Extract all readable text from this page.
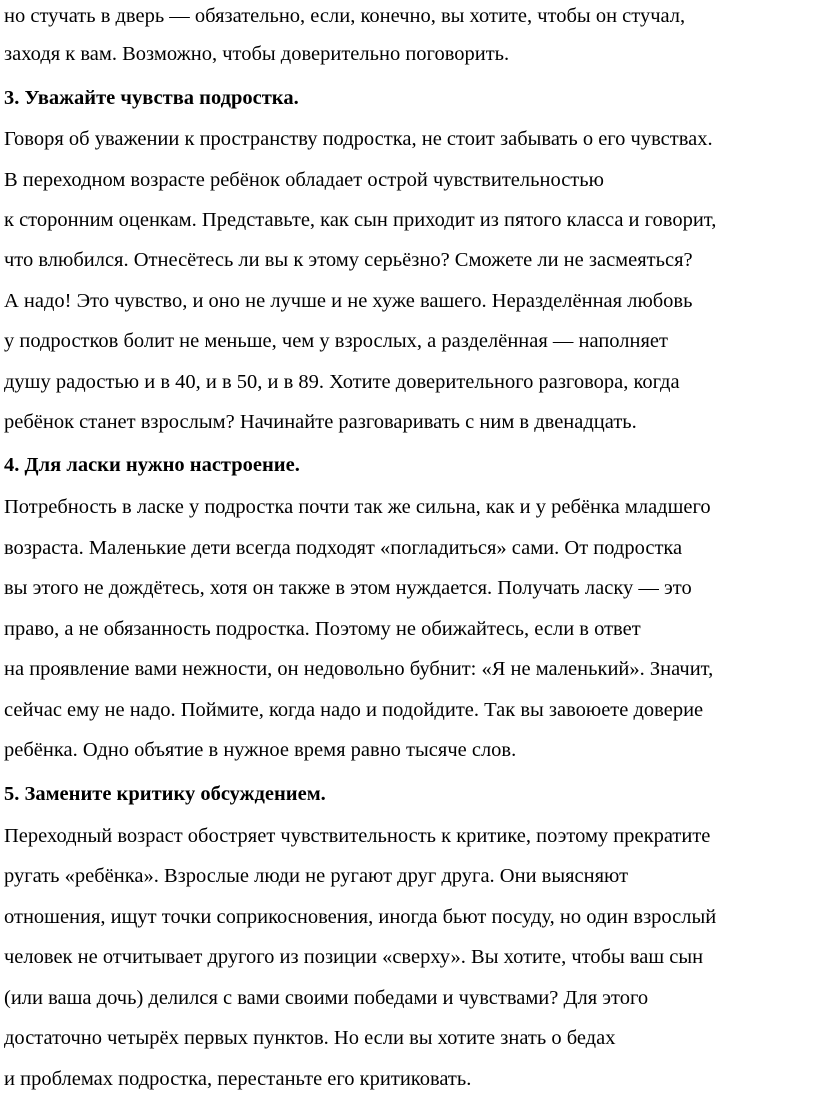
но стучать в дверь — обязательно, если, конечно, вы хотите, чтобы он стучал,
заходя к вам. Возможно, чтобы доверительно поговорить.
3. Уважайте чувства подростка.
Говоря об уважении к пространству подростка, не стоит забывать о его чувствах.
В переходном возрасте ребёнок обладает острой чувствительностью
к сторонним оценкам. Представьте, как сын приходит из пятого класса и говорит,
что влюбился. Отнесётесь ли вы к этому серьёзно? Сможете ли не засмеяться?
А надо! Это чувство, и оно не лучше и не хуже вашего. Неразделённая любовь
у подростков болит не меньше, чем у взрослых, а разделённая — наполняет
душу радостью и в 40, и в 50, и в 89. Хотите доверительного разговора, когда
ребёнок станет взрослым? Начинайте разговаривать с ним в двенадцать.
4. Для ласки нужно настроение.
Потребность в ласке у подростка почти так же сильна, как и у ребёнка младшего
возраста. Маленькие дети всегда подходят «погладиться» сами. От подростка
вы этого не дождётесь, хотя он также в этом нуждается. Получать ласку — это
право, а не обязанность подростка. Поэтому не обижайтесь, если в ответ
на проявление вами нежности, он недовольно бубнит: «Я не маленький». Значит,
сейчас ему не надо. Поймите, когда надо и подойдите. Так вы завоюете доверие
ребёнка. Одно объятие в нужное время равно тысяче слов.
5. Замените критику обсуждением.
Переходный возраст обостряет чувствительность к критике, поэтому прекратите
ругать «ребёнка». Взрослые люди не ругают друг друга. Они выясняют
отношения, ищут точки соприкосновения, иногда бьют посуду, но один взрослый
человек не отчитывает другого из позиции «сверху». Вы хотите, чтобы ваш сын
(или ваша дочь) делился с вами своими победами и чувствами? Для этого
достаточно четырёх первых пунктов. Но если вы хотите знать о бедах
и проблемах подростка, перестаньте его критиковать.
